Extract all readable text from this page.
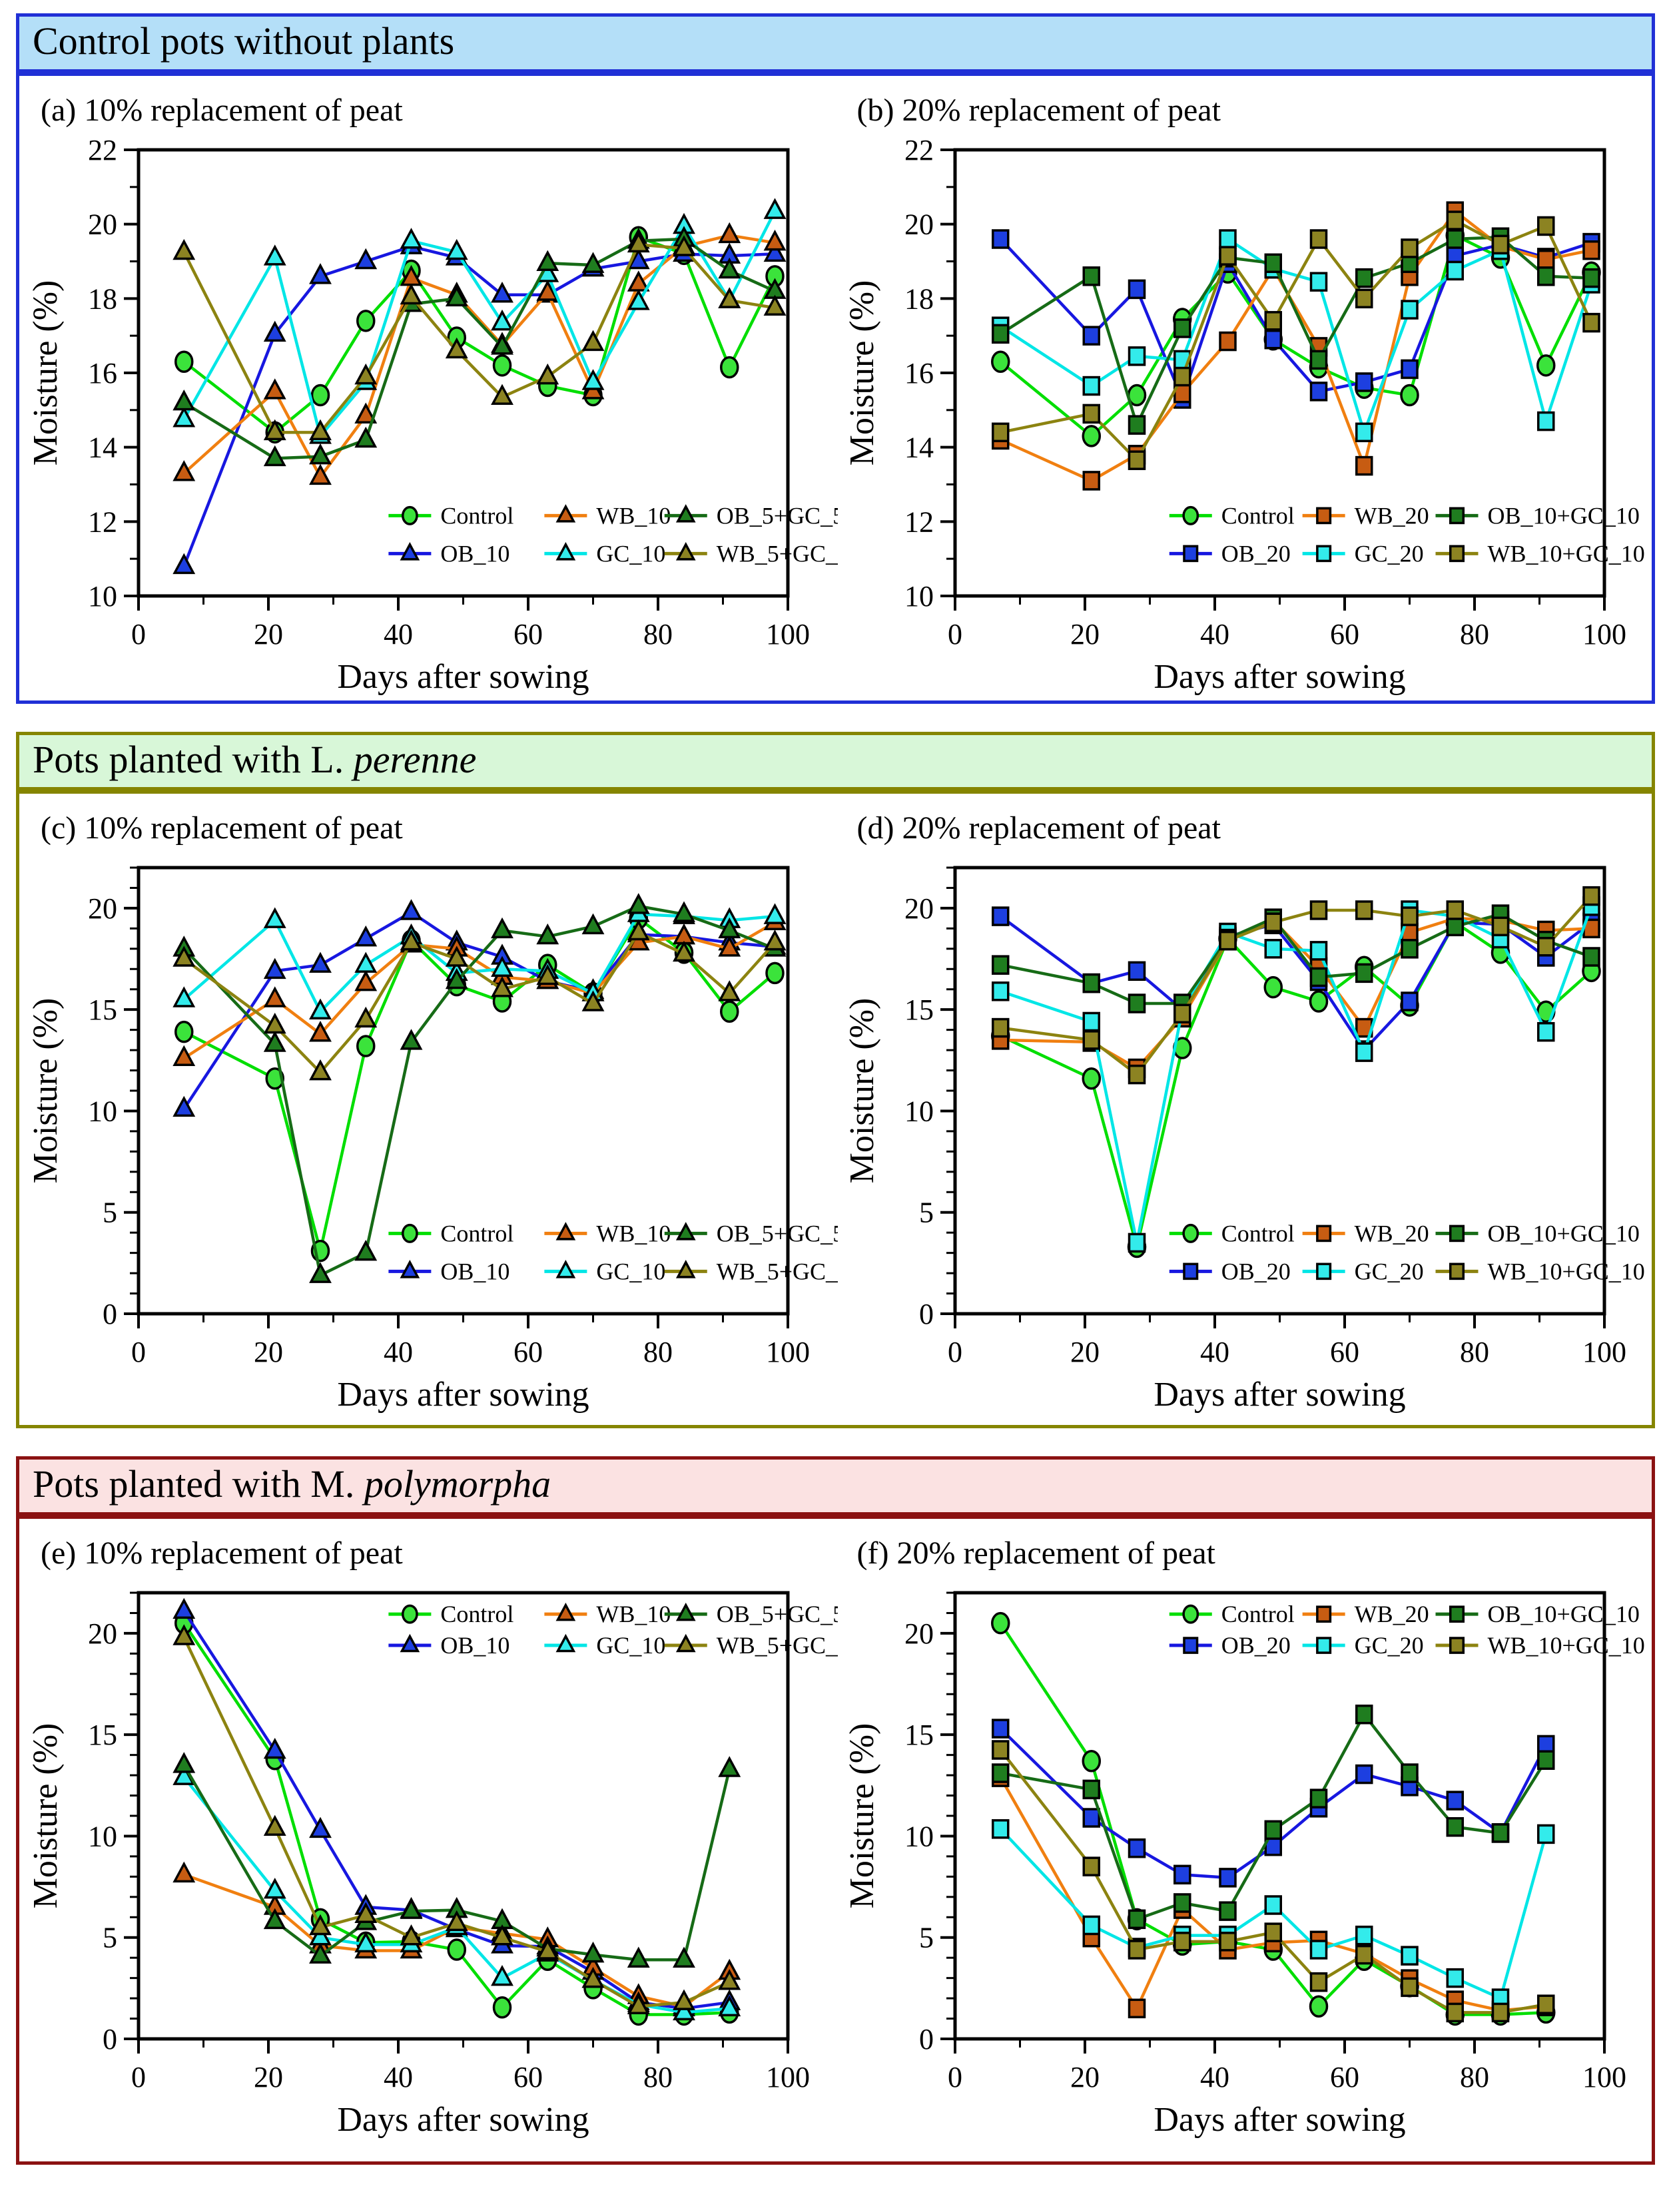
Control pots without plants
(a) 10% replacement of peat
10
12
14
16
18
20
22
0	20	40	60	80	100
Moisture (%)
Days after sowing
Control
OB_10
WB_10
GC_10
OB_5+GC_5
WB_5+GC_5
(b) 20% replacement of peat
10
12
14
16
18
20
22
0	20	40	60	80	100
Moisture (%)
Days after sowing
Control
OB_20
WB_20
GC_20
OB_10+GC_10
WB_10+GC_10
Pots planted with L. perenne
(c) 10% replacement of peat
0
5
10
15
20
0	20	40	60	80	100
Moisture (%)
Days after sowing
Control
OB_10
WB_10
GC_10
OB_5+GC_5
WB_5+GC_5
(d) 20% replacement of peat
0
5
10
15
20
0	20	40	60	80	100
Moisture (%)
Days after sowing
Control
OB_20
WB_20
GC_20
OB_10+GC_10
WB_10+GC_10
Pots planted with M. polymorpha
(e) 10% replacement of peat
0
5
10
15
20
0	20	40	60	80	100
Moisture (%)
Days after sowing
Control
OB_10
WB_10
GC_10
OB_5+GC_5
WB_5+GC_5
(f) 20% replacement of peat
0
5
10
15
20
0	20	40	60	80	100
Moisture (%)
Days after sowing
Control
OB_20
WB_20
GC_20
OB_10+GC_10
WB_10+GC_10
